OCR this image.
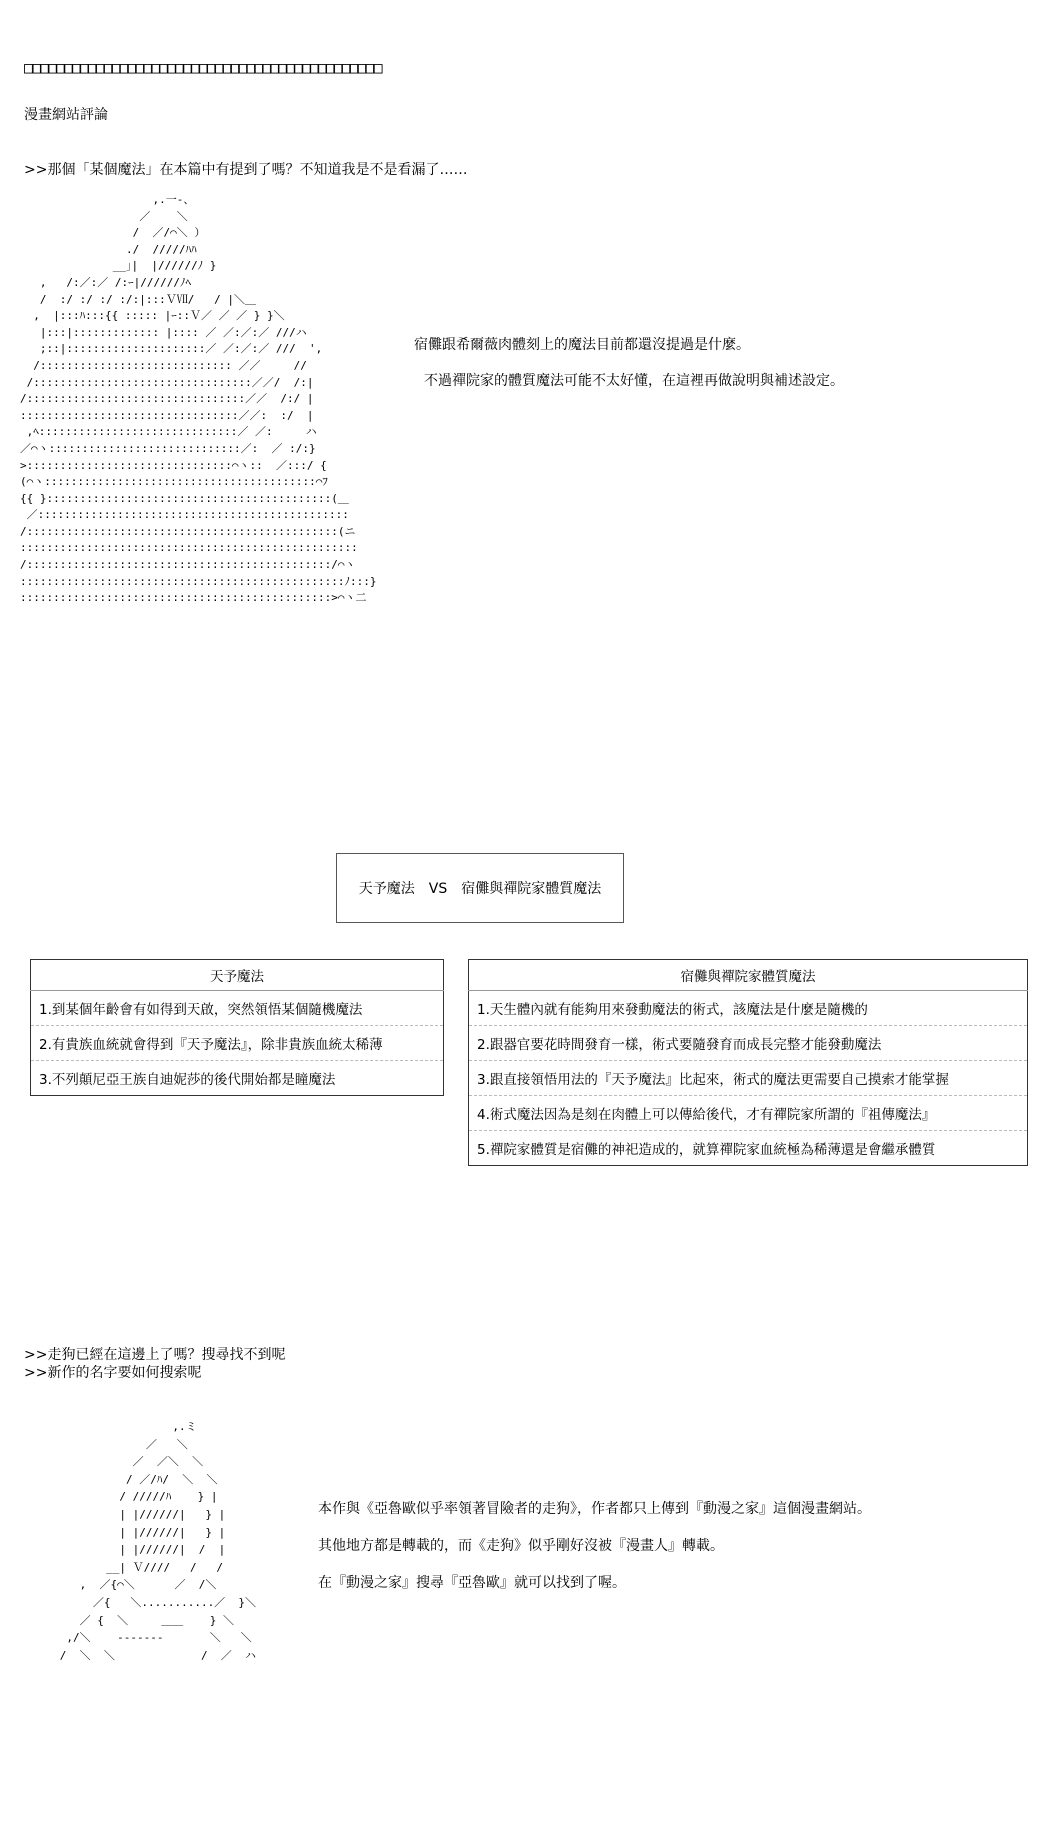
□□□□□□□□□□□□□□□□□□□□□□□□□□□□□□□□□□□□□□□□□□□□□
漫畫網站評論
>>那個「某個魔法」在本篇中有提到了嗎？不知道我是不是看漏了……
,.一-、
／    ＼
/  ／/⌒＼ ）
./  /////ﾊﾊ
__｣|  |//////ﾉ }
,   /:／:／ /:ｰ|//////ﾉﾍ
/  :/ :/ :/ :/:|:::ＶⅦ/   / |＼＿
,  |:::ﾊ:::{{ ::::: |ｰ::Ｖ／ ／ ／ } }＼
|:::|::::::::::::: |:::: ／ ／:／:／ ///ハ
;::|:::::::::::::::::::::／ ／:／:／ ///  ',
/::::::::::::::::::::::::::::: ／／     //
/:::::::::::::::::::::::::::::::::／／/  /:|
/:::::::::::::::::::::::::::::::::／／  /:/ |
:::::::::::::::::::::::::::::::::／／:  :/  |
,ﾍ::::::::::::::::::::::::::::::／ ／:     ハ
／⌒ヽ:::::::::::::::::::::::::::::／:  ／ :/:}
>:::::::::::::::::::::::::::::::⌒ヽ::  ／:::/ {
(⌒ヽ:::::::::::::::::::::::::::::::::::::::::⌒ﾌ
{{ }:::::::::::::::::::::::::::::::::::::::::::(＿
／:::::::::::::::::::::::::::::::::::::::::::::::
/:::::::::::::::::::::::::::::::::::::::::::::::(ニ
:::::::::::::::::::::::::::::::::::::::::::::::::::
/::::::::::::::::::::::::::::::::::::::::::::::/⌒ヽ
:::::::::::::::::::::::::::::::::::::::::::::::::ﾉ:::}
:::::::::::::::::::::::::::::::::::::::::::::::>⌒ヽ二
宿儺跟希爾薇肉體刻上的魔法目前都還沒提過是什麼。
不過禪院家的體質魔法可能不太好懂，在這裡再做說明與補述設定。
天予魔法　VS　宿儺與禪院家體質魔法
天予魔法
1.到某個年齡會有如得到天啟，突然領悟某個隨機魔法
2.有貴族血統就會得到『天予魔法』，除非貴族血統太稀薄
3.不列顛尼亞王族自迪妮莎的後代開始都是瞳魔法
宿儺與禪院家體質魔法
1.天生體內就有能夠用來發動魔法的術式，該魔法是什麼是隨機的
2.跟器官要花時間發育一樣，術式要隨發育而成長完整才能發動魔法
3.跟直接領悟用法的『天予魔法』比起來，術式的魔法更需要自己摸索才能掌握
4.術式魔法因為是刻在肉體上可以傳給後代，才有禪院家所謂的『祖傳魔法』
5.禪院家體質是宿儺的神祀造成的，就算禪院家血統極為稀薄還是會繼承體質
>>走狗已經在這邊上了嗎？搜尋找不到呢
>>新作的名字要如何搜索呢
,.ミ
／   ＼
／  ／＼  ＼
/ ／/ﾊ/  ＼  ＼
/ /////ﾊ    } |
| |//////|   } |
| |//////|   } |
| |//////|  /  |
__| Ｖ////   /   /
,  ／{⌒＼      ／  /＼
／{   ＼...........／  }＼
／ {  ＼     ＿＿    } ＼
,/＼    -------       ＼   ＼
/  ＼  ＼             /  ／  ハ
本作與《亞魯歐似乎率領著冒險者的走狗》，作者都只上傳到『動漫之家』這個漫畫網站。
其他地方都是轉載的，而《走狗》似乎剛好沒被『漫畫人』轉載。
在『動漫之家』搜尋『亞魯歐』就可以找到了喔。
